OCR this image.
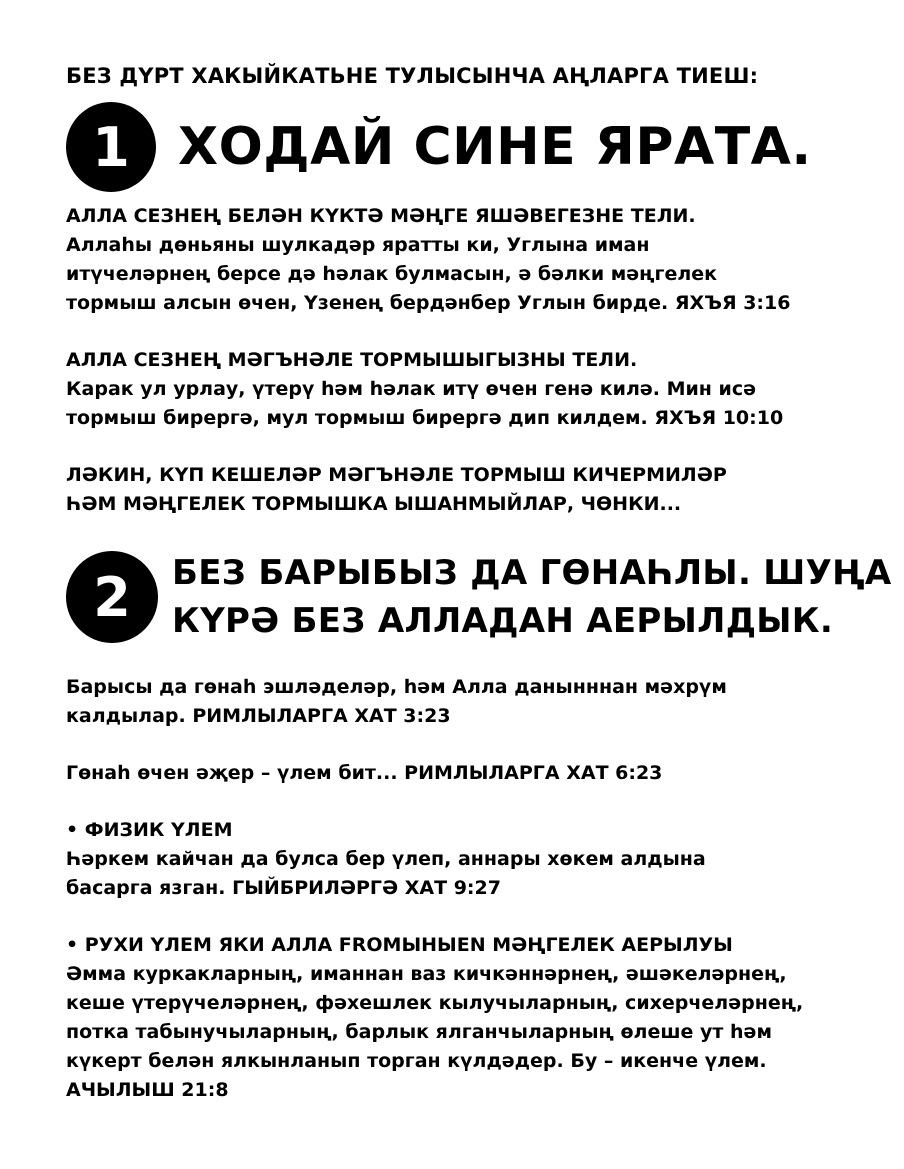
БЕЗ ДҮРТ ХАКЫЙКАТЬНЕ ТУЛЫСЫНЧА АҢЛАРГА ТИЕШ:
1 ХОДАЙ СИНЕ ЯРАТА.
АЛЛА СЕЗНЕҢ БЕЛӘН КҮКТӘ МӘҢГЕ ЯШӘВЕГЕЗНЕ ТЕЛИ.
Аллаһы дөньяны шулкадәр яратты ки, Углына иман
итүчеләрнең берсе дә һәлак булмасын, ә бәлки мәңгелек
тормыш алсын өчен, Үзенең бердәнбер Углын бирде. ЯХЪЯ 3:16
АЛЛА СЕЗНЕҢ МӘГЪНӘЛЕ ТОРМЫШЫГЫЗНЫ ТЕЛИ.
Карак ул урлау, үтерү һәм һәлак итү өчен генә килә. Мин исә
тормыш бирергә, мул тормыш бирергә дип килдем. ЯХЪЯ 10:10
ЛӘКИН, КҮП КЕШЕЛӘР МӘГЪНӘЛЕ ТОРМЫШ КИЧЕРМИЛӘР
ҺӘМ МӘҢГЕЛЕК ТОРМЫШКА ЫШАНМЫЙЛАР, ЧӨНКИ...
2	БЕЗ БАРЫБЫЗ ДА ГӨНАҺЛЫ. ШУҢА
КҮРӘ БЕЗ АЛЛАДАН АЕРЫЛДЫК.
Барысы да гөнаһ эшләделәр, һәм Алла данынннан мәхрүм
калдылар. РИМЛЫЛАРГА ХАТ 3:23
Гөнаһ өчен әҗер – үлем бит... РИМЛЫЛАРГА ХАТ 6:23
• ФИЗИК ҮЛЕМ
Һәркем кайчан да булса бер үлеп, аннары хөкем алдына
басарга язган. ГЫЙБРИЛӘРГӘ ХАТ 9:27
• РУХИ ҮЛЕМ ЯКИ АЛЛА FROMЫНЫEN МӘҢГЕЛЕК АЕРЫЛУЫ
Әмма куркакларның, иманнан ваз кичкәннәрнең, әшәкеләрнең,
кеше үтерүчеләрнең, фәхешлек кылучыларның, сихерчеләрнең,
потка табынучыларның, барлык ялганчыларның өлеше ут һәм
күкерт белән ялкынланып торган күлдәдер. Бу – икенче үлем.
АЧЫЛЫШ 21:8
